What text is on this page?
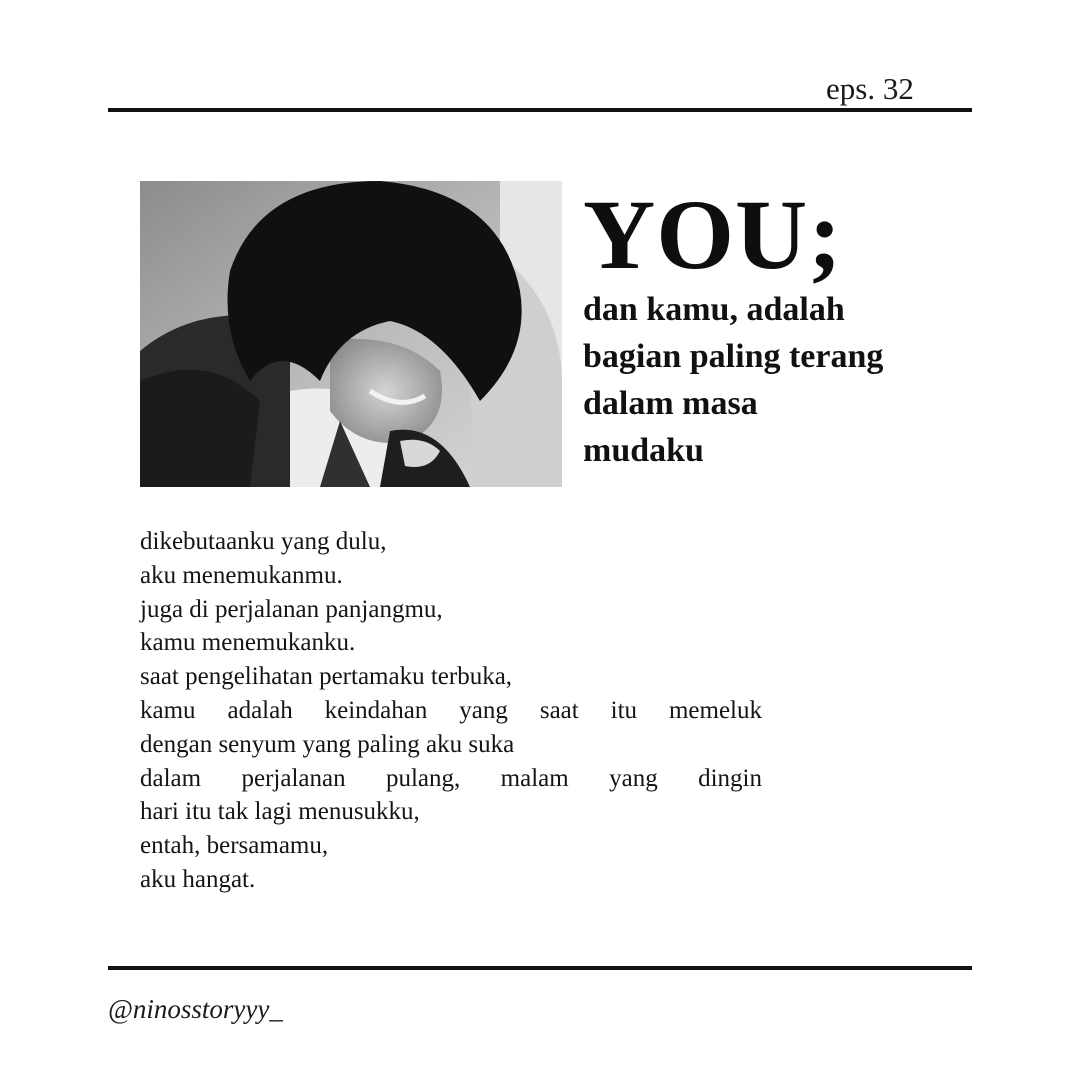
eps. 32
YOU;
dan kamu, adalah
bagian paling terang
dalam masa
mudaku
dikebutaanku yang dulu,
aku menemukanmu.
juga di perjalanan panjangmu,
kamu menemukanku.
saat pengelihatan pertamaku terbuka,
kamu adalah keindahan yang saat itu memeluk
dengan senyum yang paling aku suka
dalam perjalanan pulang, malam yang dingin
hari itu tak lagi menusukku,
entah, bersamamu,
aku hangat.
@ninosstoryyy_
